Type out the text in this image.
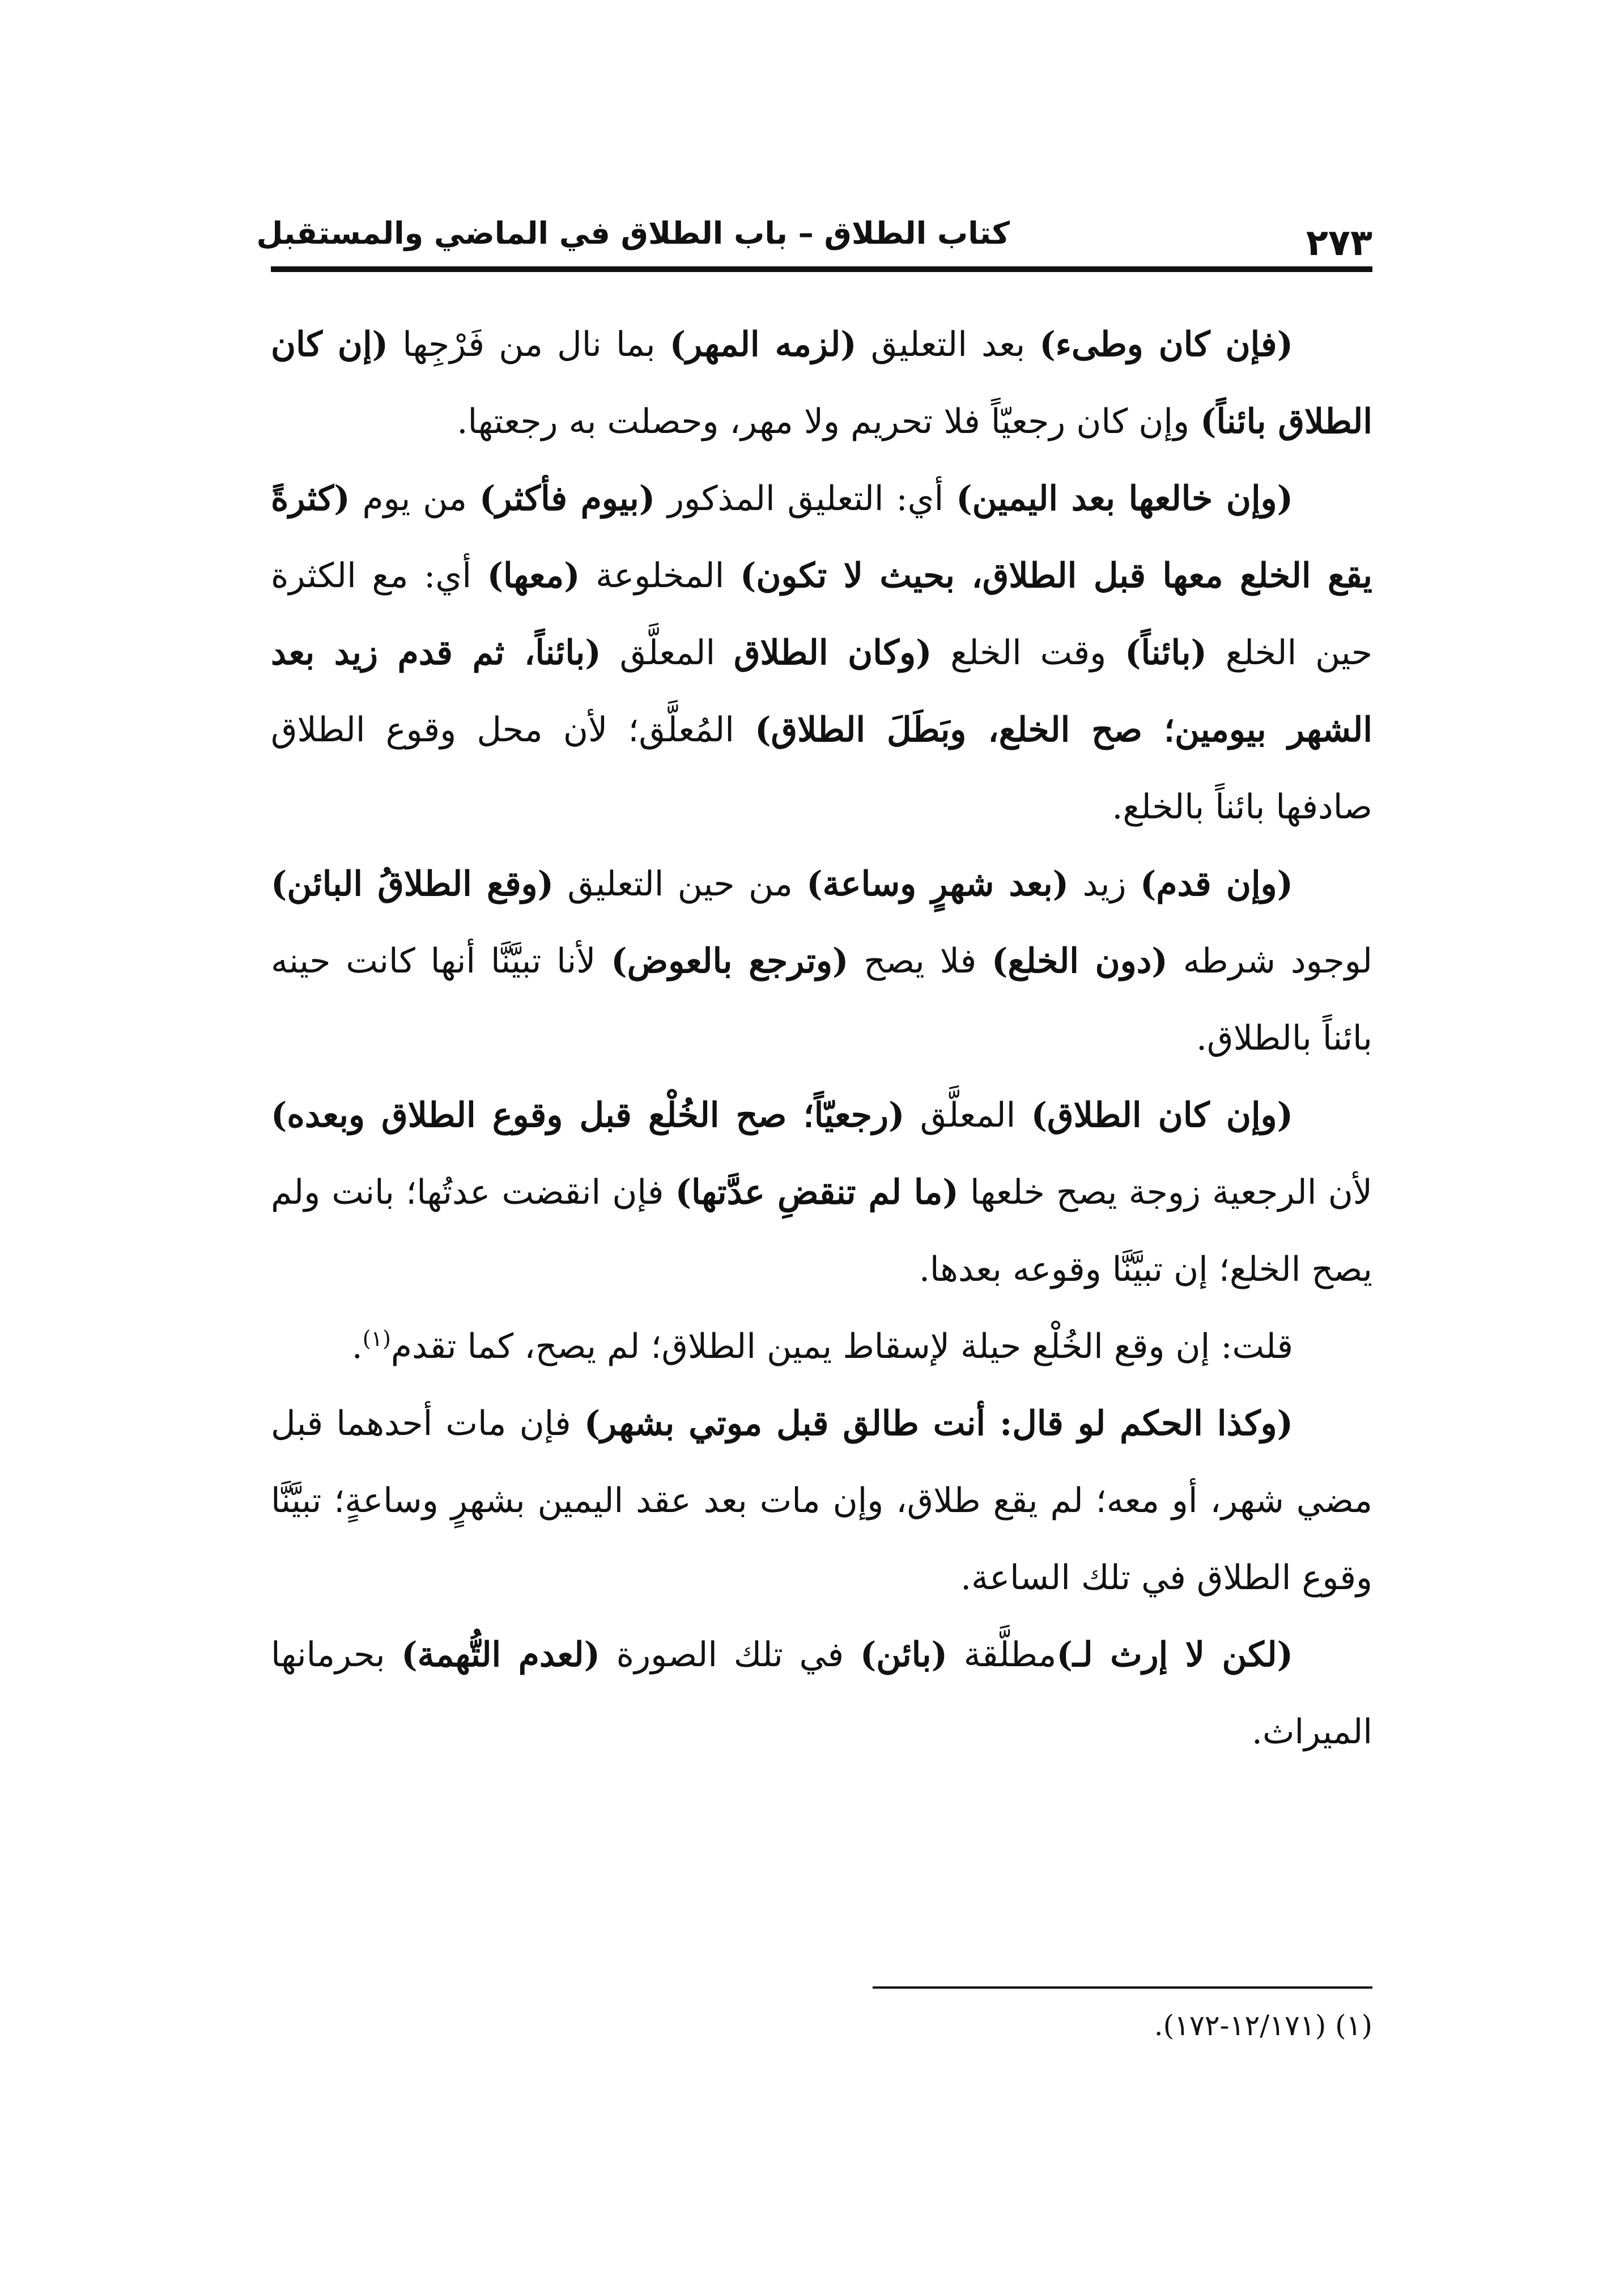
٢٧٣
كتاب الطلاق – باب الطلاق في الماضي والمستقبل

(فإن كان وطىء) بعد التعليق (لزمه المهر) بما نال من فَرْجِها (إن كان الطلاق بائناً) وإن كان رجعيّاً فلا تحريم ولا مهر، وحصلت به رجعتها.

(وإن خالعها بعد اليمين) أي: التعليق المذكور (بيوم فأكثر) من يوم (كثرةً يقع الخلع معها قبل الطلاق، بحيث لا تكون) المخلوعة (معها) أي: مع الكثرة حين الخلع (بائناً) وقت الخلع (وكان الطلاق المعلَّق (بائناً، ثم قدم زيد بعد الشهر بيومين؛ صح الخلع، وبَطَلَ الطلاق) المُعلَّق؛ لأن محل وقوع الطلاق صادفها بائناً بالخلع.

(وإن قدم) زيد (بعد شهرٍ وساعة) من حين التعليق (وقع الطلاقُ البائن) لوجود شرطه (دون الخلع) فلا يصح (وترجع بالعوض) لأنا تبيَّنَّا أنها كانت حينه بائناً بالطلاق.

(وإن كان الطلاق) المعلَّق (رجعيّاً؛ صح الخُلْع قبل وقوع الطلاق وبعده) لأن الرجعية زوجة يصح خلعها (ما لم تنقضِ عدَّتها) فإن انقضت عدتُها؛ بانت ولم يصح الخلع؛ إن تبيَّنَّا وقوعه بعدها.

قلت: إن وقع الخُلْع حيلة لإسقاط يمين الطلاق؛ لم يصح، كما تقدم$^{(١)}$.

(وكذا الحكم لو قال: أنت طالق قبل موتي بشهر) فإن مات أحدهما قبل مضي شهر، أو معه؛ لم يقع طلاق، وإن مات بعد عقد اليمين بشهرٍ وساعةٍ؛ تبيَّنَّا وقوع الطلاق في تلك الساعة.

(لكن لا إرث لـ)مطلَّقة (بائن) في تلك الصورة (لعدم التُّهمة) بحرمانها الميراث.

(١) (١٢/١٧١-١٧٢).
